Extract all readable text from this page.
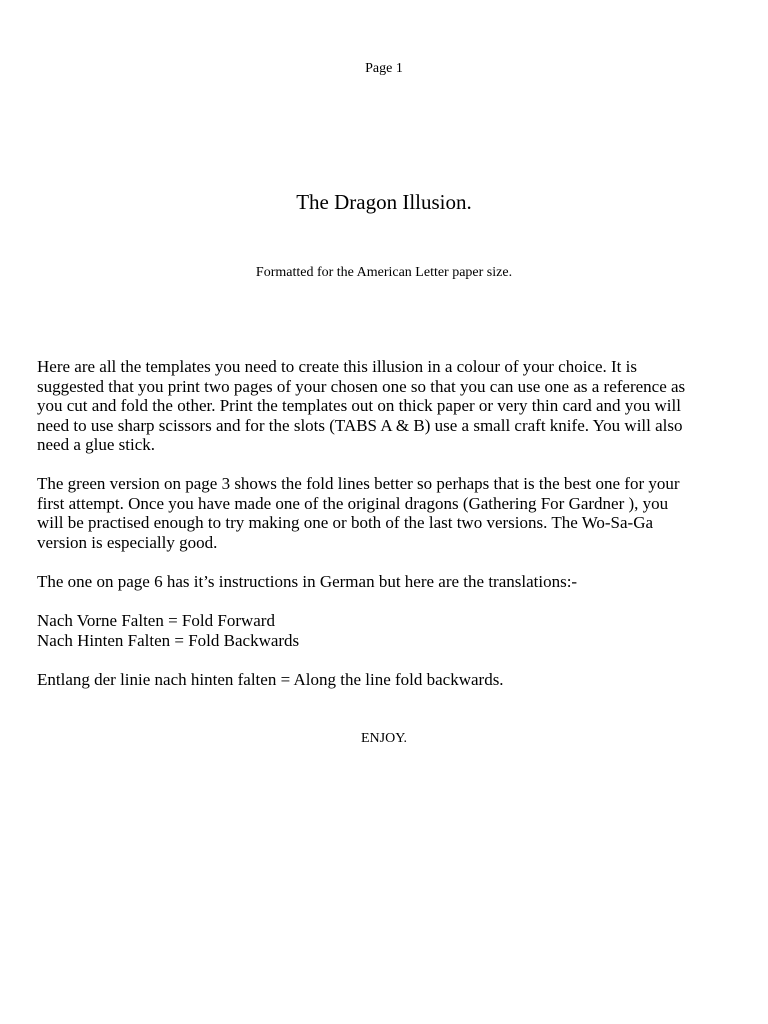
Page 1
The Dragon Illusion.
Formatted for the American Letter paper size.

Here are all the templates you need to create this illusion in a colour of your choice. It is
suggested that you print two pages of your chosen one so that you can use one as a reference as
you cut and fold the other. Print the templates out on thick paper or very thin card and you will
need to use sharp scissors and for the slots (TABS A & B) use a small craft knife. You will also
need a glue stick.

The green version on page 3 shows the fold lines better so perhaps that is the best one for your
first attempt. Once you have made one of the original dragons (Gathering For Gardner ), you
will be practised enough to try making one or both of the last two versions. The Wo-Sa-Ga
version is especially good.

The one on page 6 has it’s instructions in German but here are the translations:-

Nach Vorne Falten = Fold Forward
Nach Hinten Falten = Fold Backwards

Entlang der linie nach hinten falten = Along the line fold backwards.

ENJOY.
